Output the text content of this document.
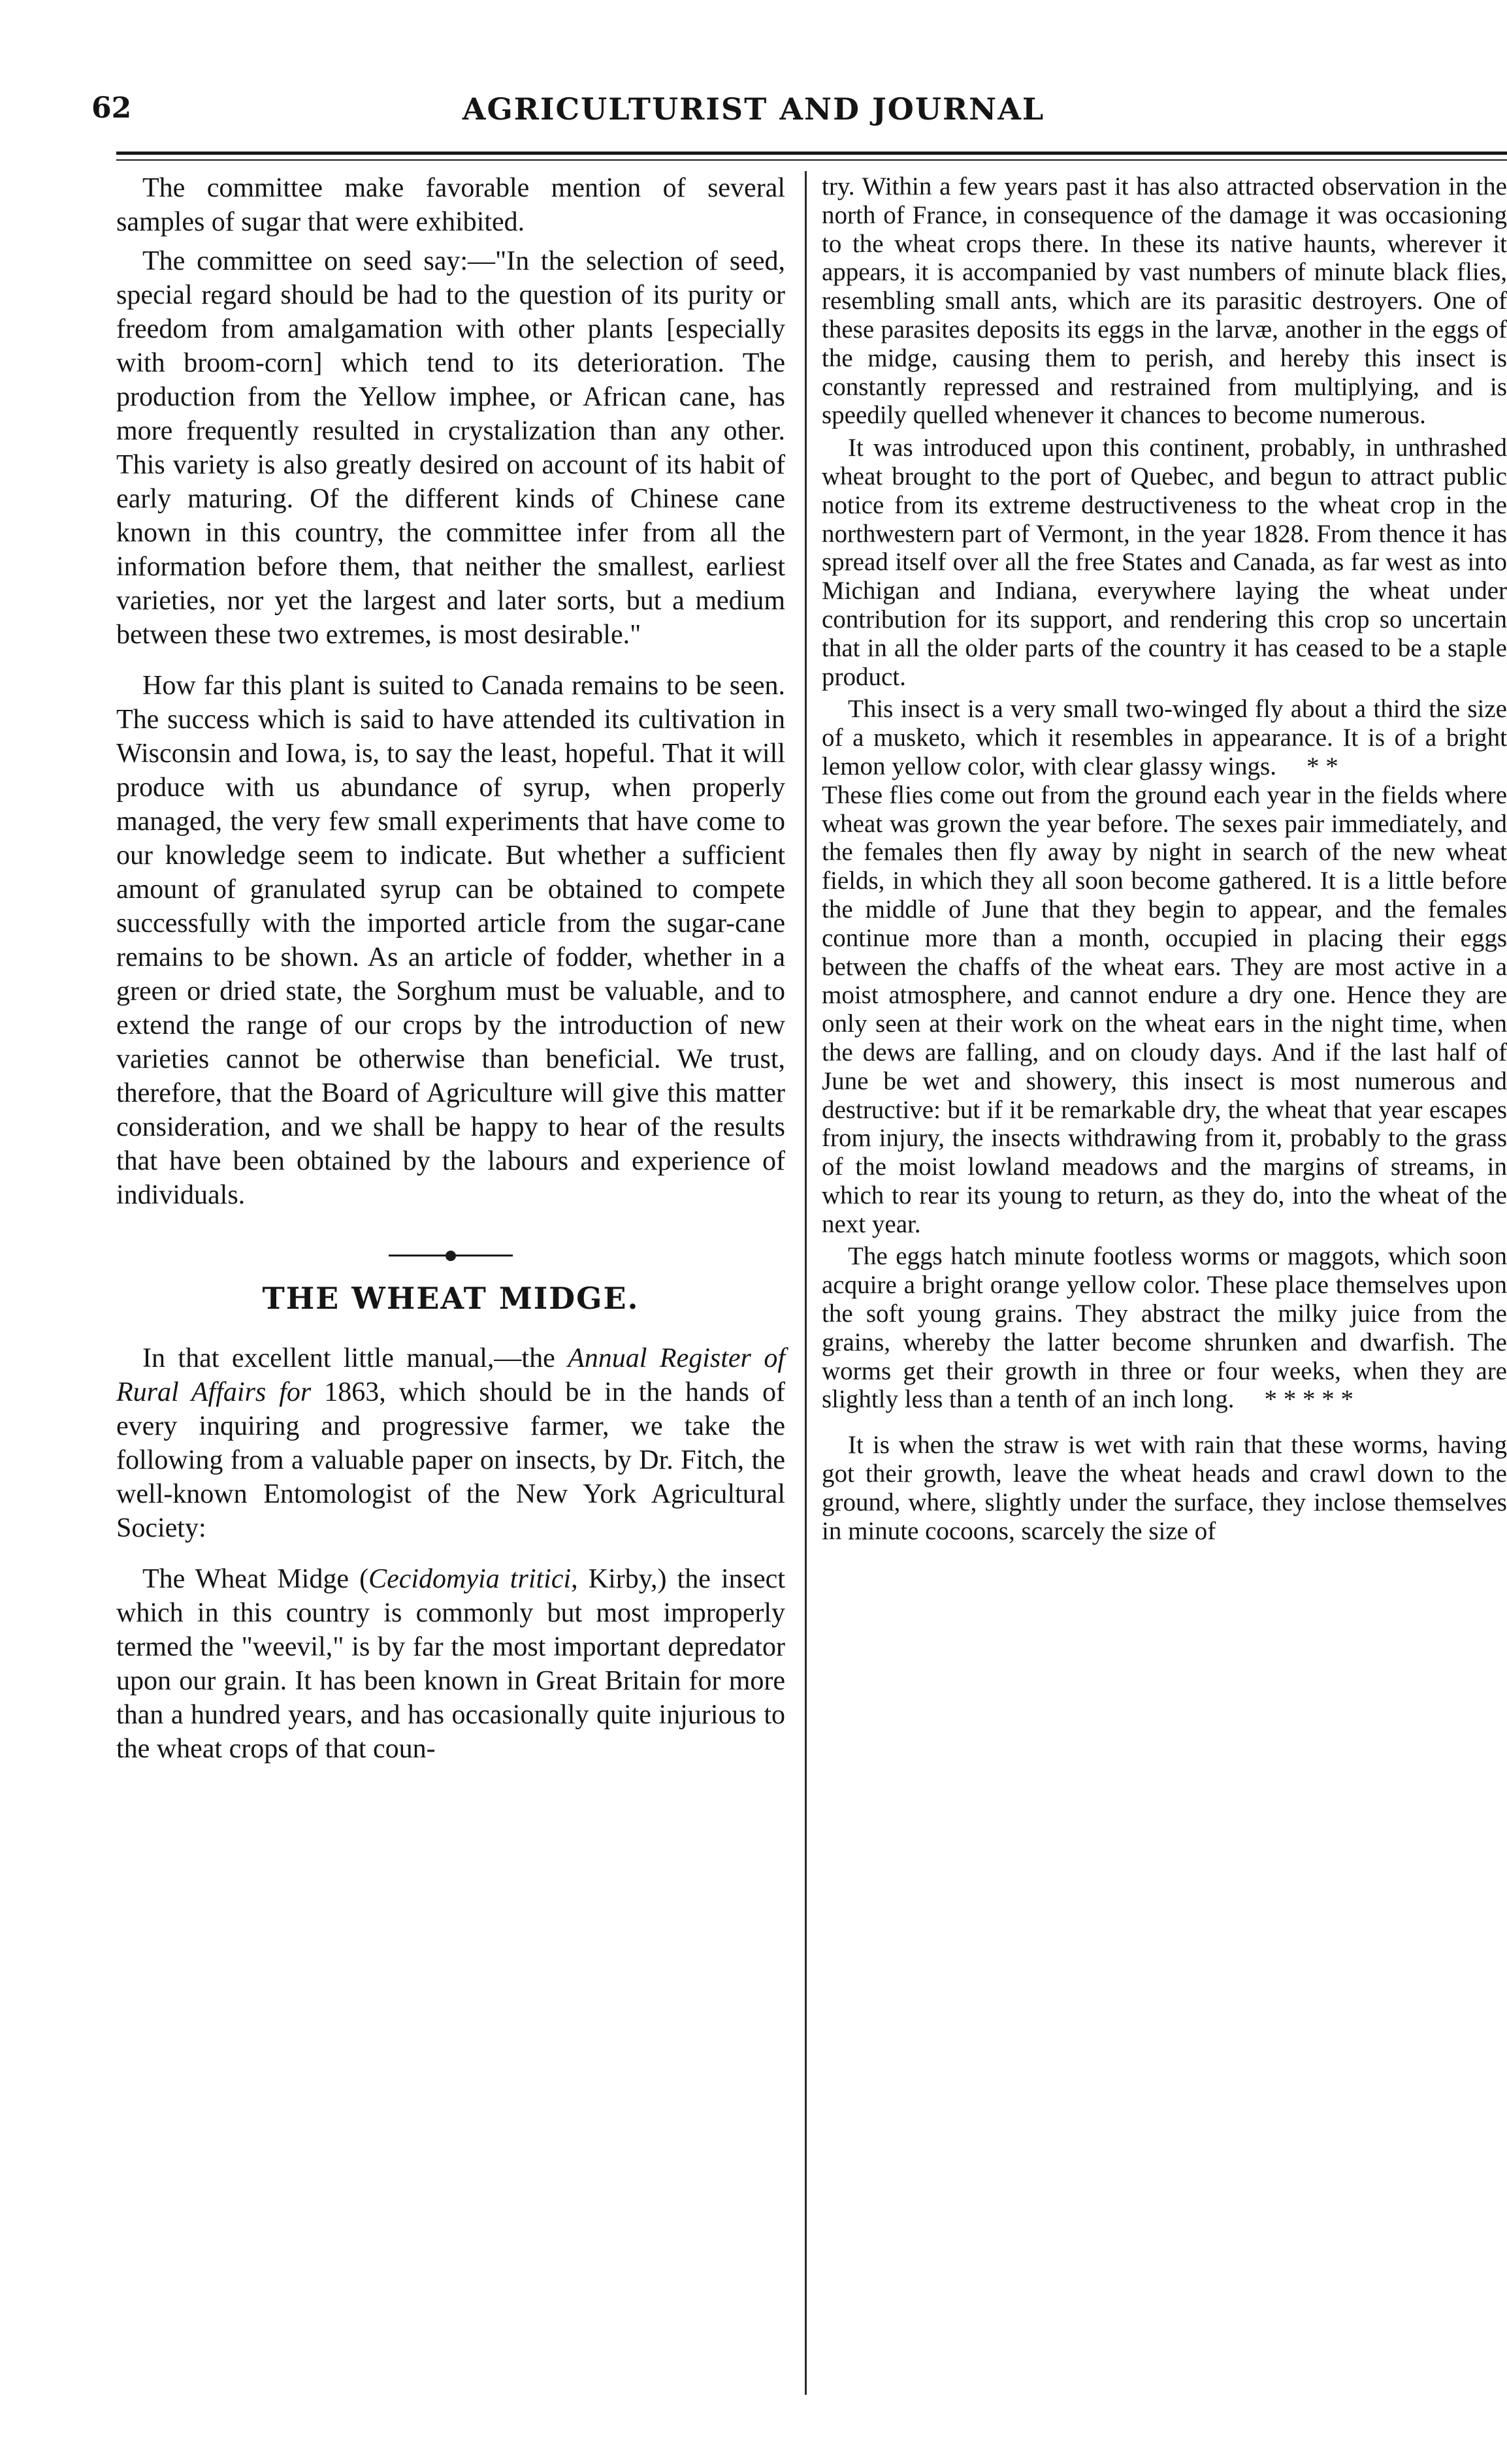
62	AGRICULTURIST AND JOURNAL

The committee make favorable mention of several samples of sugar that were exhibited.

The committee on seed say:—"In the selection of seed, special regard should be had to the question of its purity or freedom from amalgamation with other plants [especially with broom-corn] which tend to its deterioration. The production from the Yellow imphee, or African cane, has more frequently resulted in crystalization than any other. This variety is also greatly desired on account of its habit of early maturing. Of the different kinds of Chinese cane known in this country, the committee infer from all the information before them, that neither the smallest, earliest varieties, nor yet the largest and later sorts, but a medium between these two extremes, is most desirable."

How far this plant is suited to Canada remains to be seen. The success which is said to have attended its cultivation in Wisconsin and Iowa, is, to say the least, hopeful. That it will produce with us abundance of syrup, when properly managed, the very few small experiments that have come to our knowledge seem to indicate. But whether a sufficient amount of granulated syrup can be obtained to compete successfully with the imported article from the sugar-cane remains to be shown. As an article of fodder, whether in a green or dried state, the Sorghum must be valuable, and to extend the range of our crops by the introduction of new varieties cannot be otherwise than beneficial. We trust, therefore, that the Board of Agriculture will give this matter consideration, and we shall be happy to hear of the results that have been obtained by the labours and experience of individuals.

THE WHEAT MIDGE.

In that excellent little manual,—the Annual Register of Rural Affairs for 1863, which should be in the hands of every inquiring and progressive farmer, we take the following from a valuable paper on insects, by Dr. Fitch, the well-known Entomologist of the New York Agricultural Society:

The Wheat Midge (Cecidomyia tritici, Kirby,) the insect which in this country is commonly but most improperly termed the "weevil," is by far the most important depredator upon our grain. It has been known in Great Britain for more than a hundred years, and has occasionally quite injurious to the wheat crops of that coun-

try. Within a few years past it has also attracted observation in the north of France, in consequence of the damage it was occasioning to the wheat crops there. In these its native haunts, wherever it appears, it is accompanied by vast numbers of minute black flies, resembling small ants, which are its parasitic destroyers. One of these parasites deposits its eggs in the larvæ, another in the eggs of the midge, causing them to perish, and hereby this insect is constantly repressed and restrained from multiplying, and is speedily quelled whenever it chances to become numerous.

It was introduced upon this continent, probably, in unthrashed wheat brought to the port of Quebec, and begun to attract public notice from its extreme destructiveness to the wheat crop in the northwestern part of Vermont, in the year 1828. From thence it has spread itself over all the free States and Canada, as far west as into Michigan and Indiana, everywhere laying the wheat under contribution for its support, and rendering this crop so uncertain that in all the older parts of the country it has ceased to be a staple product.

This insect is a very small two-winged fly about a third the size of a musketo, which it resembles in appearance. It is of a bright lemon yellow color, with clear glassy wings. * *

These flies come out from the ground each year in the fields where wheat was grown the year before. The sexes pair immediately, and the females then fly away by night in search of the new wheat fields, in which they all soon become gathered. It is a little before the middle of June that they begin to appear, and the females continue more than a month, occupied in placing their eggs between the chaffs of the wheat ears. They are most active in a moist atmosphere, and cannot endure a dry one. Hence they are only seen at their work on the wheat ears in the night time, when the dews are falling, and on cloudy days. And if the last half of June be wet and showery, this insect is most numerous and destructive: but if it be remarkable dry, the wheat that year escapes from injury, the insects withdrawing from it, probably to the grass of the moist lowland meadows and the margins of streams, in which to rear its young to return, as they do, into the wheat of the next year.

The eggs hatch minute footless worms or maggots, which soon acquire a bright orange yellow color. These place themselves upon the soft young grains. They abstract the milky juice from the grains, whereby the latter become shrunken and dwarfish. The worms get their growth in three or four weeks, when they are slightly less than a tenth of an inch long. * * * * *

It is when the straw is wet with rain that these worms, having got their growth, leave the wheat heads and crawl down to the ground, where, slightly under the surface, they inclose themselves in minute cocoons, scarcely the size of
